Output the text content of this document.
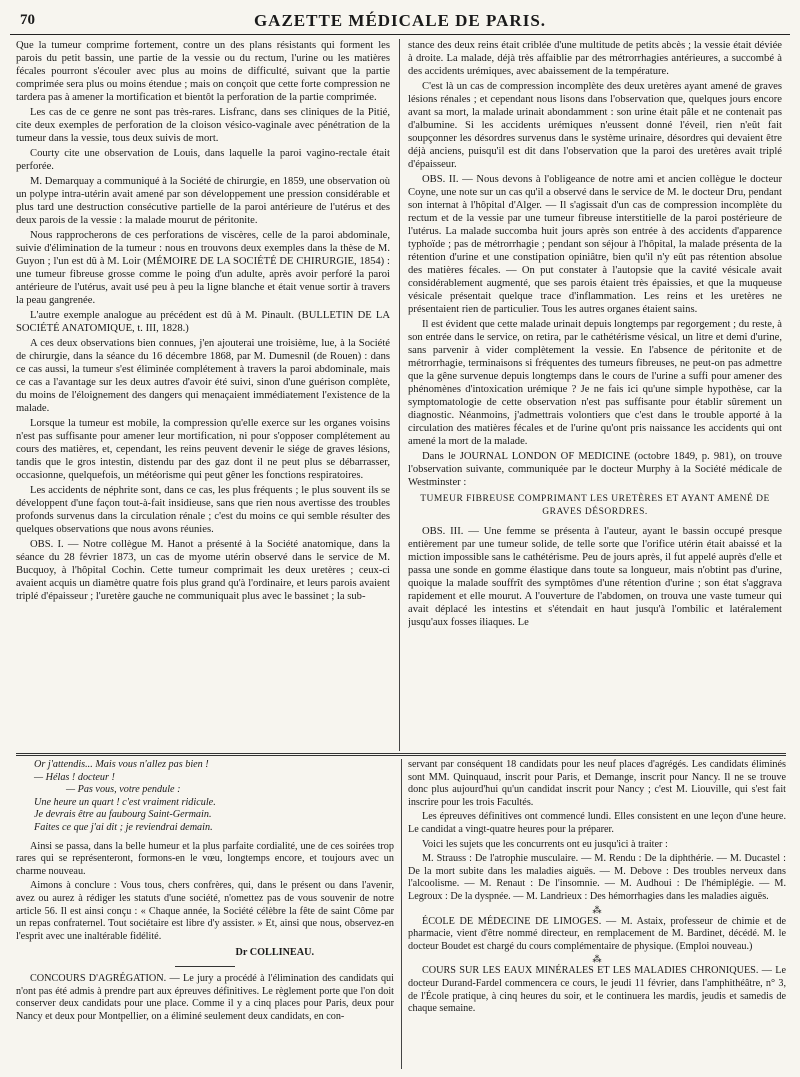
70	GAZETTE MÉDICALE DE PARIS.

Que la tumeur comprime fortement, contre un des plans résistants qui forment les parois du petit bassin, une partie de la vessie ou du rectum, l'urine ou les matières fécales pourront s'écouler avec plus au moins de difficulté, suivant que la partie comprimée sera plus ou moins étendue ; mais on conçoit que cette forte compression ne tardera pas à amener la mortification et bientôt la perforation de la partie comprimée.

Les cas de ce genre ne sont pas très-rares. Lisfranc, dans ses cliniques de la Pitié, cite deux exemples de perforation de la cloison vésico-vaginale avec pénétration de la tumeur dans la vessie, tous deux suivis de mort.

Courty cite une observation de Louis, dans laquelle la paroi vagino-rectale était perforée.

M. Demarquay a communiqué à la Société de chirurgie, en 1859, une observation où un polype intra-utérin avait amené par son développement une pression considérable et plus tard une destruction consécutive partielle de la paroi antérieure de l'utérus et des deux parois de la vessie : la malade mourut de péritonite.

Nous rapprocherons de ces perforations de viscères, celle de la paroi abdominale, suivie d'élimination de la tumeur : nous en trouvons deux exemples dans la thèse de M. Guyon ; l'un est dû à M. Loir (MÉMOIRE DE LA SOCIÉTÉ DE CHIRURGIE, 1854) : une tumeur fibreuse grosse comme le poing d'un adulte, après avoir perforé la paroi antérieure de l'utérus, avait usé peu à peu la ligne blanche et était venue sortir à travers la peau gangrenée.

L'autre exemple analogue au précédent est dû à M. Pinault. (BULLETIN DE LA SOCIÉTÉ ANATOMIQUE, t. III, 1828.)

A ces deux observations bien connues, j'en ajouterai une troisième, lue, à la Société de chirurgie, dans la séance du 16 décembre 1868, par M. Dumesnil (de Rouen) : dans ce cas aussi, la tumeur s'est éliminée complétement à travers la paroi abdominale, mais ce cas a l'avantage sur les deux autres d'avoir été suivi, sinon d'une guérison complète, du moins de l'éloignement des dangers qui menaçaient immédiatement l'existence de la malade.

Lorsque la tumeur est mobile, la compression qu'elle exerce sur les organes voisins n'est pas suffisante pour amener leur mortification, ni pour s'opposer complétement au cours des matières, et, cependant, les reins peuvent devenir le siége de graves lésions, tandis que le gros intestin, distendu par des gaz dont il ne peut plus se débarrasser, occasionne, quelquefois, un météorisme qui peut gêner les fonctions respiratoires.

Les accidents de néphrite sont, dans ce cas, les plus fréquents ; le plus souvent ils se développent d'une façon tout-à-fait insidieuse, sans que rien nous avertisse des troubles profonds survenus dans la circulation rénale ; c'est du moins ce qui semble résulter des quelques observations que nous avons réunies.

OBS. I. — Notre collègue M. Hanot a présenté à la Société anatomique, dans la séance du 28 février 1873, un cas de myome utérin observé dans le service de M. Bucquoy, à l'hôpital Cochin. Cette tumeur comprimait les deux uretères ; ceux-ci avaient acquis un diamètre quatre fois plus grand qu'à l'ordinaire, et leurs parois avaient triplé d'épaisseur ; l'uretère gauche ne communiquait plus avec le bassinet ; la sub-

stance des deux reins était criblée d'une multitude de petits abcès ; la vessie était déviée à droite. La malade, déjà très affaiblie par des métrorrhagies antérieures, a succombé à des accidents urémiques, avec abaissement de la température.

C'est là un cas de compression incomplète des deux uretères ayant amené de graves lésions rénales ; et cependant nous lisons dans l'observation que, quelques jours encore avant sa mort, la malade urinait abondamment : son urine était pâle et ne contenait pas d'albumine. Si les accidents urémiques n'eussent donné l'éveil, rien n'eût fait soupçonner les désordres survenus dans le système urinaire, désordres qui devaient être déjà anciens, puisqu'il est dit dans l'observation que la paroi des uretères avait triplé d'épaisseur.

OBS. II. — Nous devons à l'obligeance de notre ami et ancien collègue le docteur Coyne, une note sur un cas qu'il a observé dans le service de M. le docteur Dru, pendant son internat à l'hôpital d'Alger. — Il s'agissait d'un cas de compression incomplète du rectum et de la vessie par une tumeur fibreuse interstitielle de la paroi postérieure de l'utérus. La malade succomba huit jours après son entrée à des accidents d'apparence typhoïde ; pas de métrorrhagie ; pendant son séjour à l'hôpital, la malade présenta de la rétention d'urine et une constipation opiniâtre, bien qu'il n'y eût pas rétention absolue des matières fécales. — On put constater à l'autopsie que la cavité vésicale avait considérablement augmenté, que ses parois étaient très épaissies, et que la muqueuse vésicale présentait quelque trace d'inflammation. Les reins et les uretères ne présentaient rien de particulier. Tous les autres organes étaient sains.

Il est évident que cette malade urinait depuis longtemps par regorgement ; du reste, à son entrée dans le service, on retira, par le cathétérisme vésical, un litre et demi d'urine, sans parvenir à vider complètement la vessie. En l'absence de péritonite et de métrorrhagie, terminaisons si fréquentes des tumeurs fibreuses, ne peut-on pas admettre que la gêne survenue depuis longtemps dans le cours de l'urine a suffi pour amener des phénomènes d'intoxication urémique ? Je ne fais ici qu'une simple hypothèse, car la symptomatologie de cette observation n'est pas suffisante pour établir sûrement un diagnostic. Néanmoins, j'admettrais volontiers que c'est dans le trouble apporté à la circulation des matières fécales et de l'urine qu'ont pris naissance les accidents qui ont amené la mort de la malade.

Dans le JOURNAL LONDON OF MEDICINE (octobre 1849, p. 981), on trouve l'observation suivante, communiquée par le docteur Murphy à la Société médicale de Westminster :

TUMEUR FIBREUSE COMPRIMANT LES URETÈRES ET AYANT AMENÉ DE GRAVES DÉSORDRES.

OBS. III. — Une femme se présenta à l'auteur, ayant le bassin occupé presque entièrement par une tumeur solide, de telle sorte que l'orifice utérin était abaissé et la miction impossible sans le cathétérisme. Peu de jours après, il fut appelé auprès d'elle et passa une sonde en gomme élastique dans toute sa longueur, mais n'obtint pas d'urine, quoique la malade souffrît des symptômes d'une rétention d'urine ; son état s'aggrava rapidement et elle mourut. A l'ouverture de l'abdomen, on trouva une vaste tumeur qui avait déplacé les intestins et s'étendait en haut jusqu'à l'ombilic et latéralement jusqu'aux fosses iliaques. Le

Or j'attendis... Mais vous n'allez pas bien !

— Hélas ! docteur !

— Pas vous, votre pendule :

Une heure un quart ! c'est vraiment ridicule.

Je devrais être au faubourg Saint-Germain.

Faites ce que j'ai dit ; je reviendrai demain.

Ainsi se passa, dans la belle humeur et la plus parfaite cordialité, une de ces soirées trop rares qui se représenteront, formons-en le vœu, longtemps encore, et toujours avec un charme nouveau.

Aimons à conclure : Vous tous, chers confrères, qui, dans le présent ou dans l'avenir, avez ou aurez à rédiger les statuts d'une société, n'omettez pas de vous souvenir de notre article 56. Il est ainsi conçu : « Chaque année, la Société célèbre la fête de saint Côme par un repas confraternel. Tout sociétaire est libre d'y assister. » Et, ainsi que nous, observez-en l'esprit avec une inaltérable fidélité.

Dr COLLINEAU.

CONCOURS D'AGRÉGATION. — Le jury a procédé à l'élimination des candidats qui n'ont pas été admis à prendre part aux épreuves définitives. Le règlement porte que l'on doit conserver deux candidats pour une place. Comme il y a cinq places pour Paris, deux pour Nancy et deux pour Montpellier, on a éliminé seulement deux candidats, en con-

servant par conséquent 18 candidats pour les neuf places d'agrégés. Les candidats éliminés sont MM. Quinquaud, inscrit pour Paris, et Demange, inscrit pour Nancy. Il ne se trouve donc plus aujourd'hui qu'un candidat inscrit pour Nancy ; c'est M. Liouville, qui s'est fait inscrire pour les trois Facultés.

Les épreuves définitives ont commencé lundi. Elles consistent en une leçon d'une heure. Le candidat a vingt-quatre heures pour la préparer.

Voici les sujets que les concurrents ont eu jusqu'ici à traiter :

M. Strauss : De l'atrophie musculaire. — M. Rendu : De la diphthérie. — M. Ducastel : De la mort subite dans les maladies aiguës. — M. Debove : Des troubles nerveux dans l'alcoolisme. — M. Renaut : De l'insomnie. — M. Audhoui : De l'hémiplégie. — M. Legroux : De la dyspnée. — M. Landrieux : Des hémorrhagies dans les maladies aiguës.

⁂

ÉCOLE DE MÉDECINE DE LIMOGES. — M. Astaix, professeur de chimie et de pharmacie, vient d'être nommé directeur, en remplacement de M. Bardinet, décédé. M. le docteur Boudet est chargé du cours complémentaire de physique. (Emploi nouveau.)

⁂

COURS SUR LES EAUX MINÉRALES ET LES MALADIES CHRONIQUES. — Le docteur Durand-Fardel commencera ce cours, le jeudi 11 février, dans l'amphithéâtre, n° 3, de l'École pratique, à cinq heures du soir, et le continuera les mardis, jeudis et samedis de chaque semaine.
